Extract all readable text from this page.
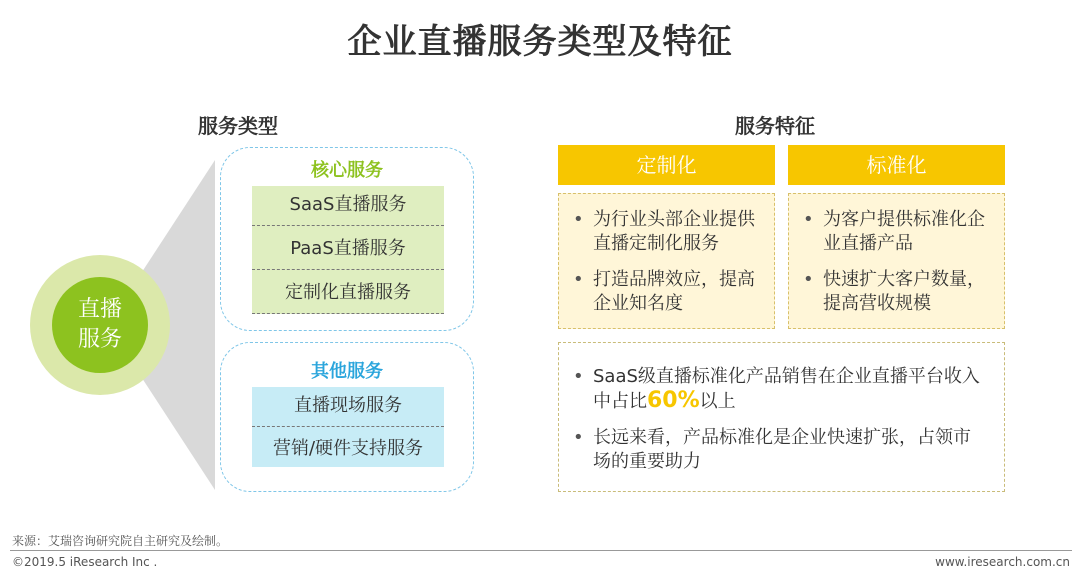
企业直播服务类型及特征
服务类型
直播
服务
核心服务
SaaS直播服务
PaaS直播服务
定制化直播服务
其他服务
直播现场服务
营销/硬件支持服务
服务特征
定制化	标准化
• 为行业头部企业提供直播定制化服务
• 打造品牌效应，提高企业知名度
• 为客户提供标准化企业直播产品
• 快速扩大客户数量，提高营收规模
• SaaS级直播标准化产品销售在企业直播平台收入中占比60%以上
• 长远来看，产品标准化是企业快速扩张，占领市场的重要助力
来源：艾瑞咨询研究院自主研究及绘制。
©2019.5 iResearch Inc .	www.iresearch.com.cn
